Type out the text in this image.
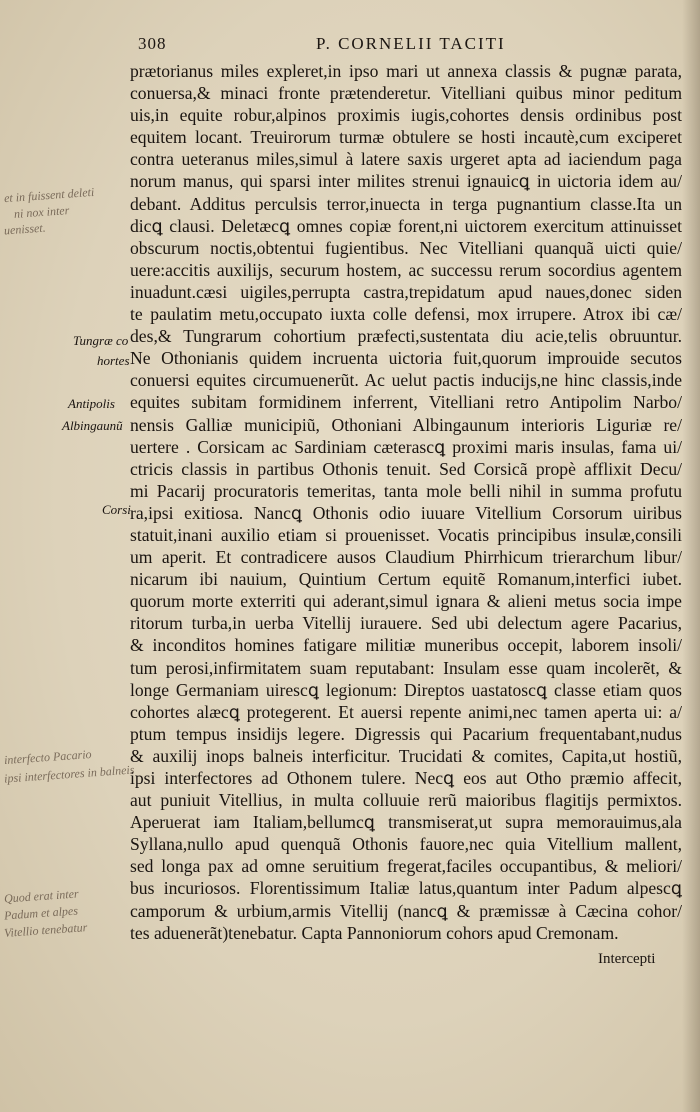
308	P. CORNELII TACITI
prætorianus miles expleret,in ipso mari ut annexa classis & pugnæ parata,
conuersa,& minaci fronte prætenderetur. Vitelliani quibus minor peditum
uis,in equite robur,alpinos proximis iugis,cohortes densis ordinibus post
equitem locant. Treuirorum turmæ obtulere se hosti incautè,cum exciperet
contra ueteranus miles,simul à latere saxis urgeret apta ad iaciendum paga
norum manus, qui sparsi inter milites strenui ignauicꝗ in uictoria idem au/
debant. Additus perculsis terror,inuecta in terga pugnantium classe.Ita un
dicꝗ clausi. Deletæcꝗ omnes copiæ forent,ni uictorem exercitum attinuisset
obscurum noctis,obtentui fugientibus. Nec Vitelliani quanquã uicti quie/
uere:accitis auxilijs, securum hostem, ac successu rerum socordius agentem
inuadunt.cæsi uigiles,perrupta castra,trepidatum apud naues,donec siden
te paulatim metu,occupato iuxta colle defensi, mox irrupere. Atrox ibi cæ/
des,& Tungrarum cohortium præfecti,sustentata diu acie,telis obruuntur.
Ne Othonianis quidem incruenta uictoria fuit,quorum improuide secutos
conuersi equites circumuenerũt. Ac uelut pactis inducijs,ne hinc classis,inde
equites subitam formidinem inferrent, Vitelliani retro Antipolim Narbo/
nensis Galliæ municipiũ, Othoniani Albingaunum interioris Liguriæ re/
uertere . Corsicam ac Sardiniam cæterascꝗ proximi maris insulas, fama ui/
ctricis classis in partibus Othonis tenuit. Sed Corsicã propè afflixit Decu/
mi Pacarij procuratoris temeritas, tanta mole belli nihil in summa profutu
ra,ipsi exitiosa. Nancꝗ Othonis odio iuuare Vitellium Corsorum uiribus
statuit,inani auxilio etiam si prouenisset. Vocatis principibus insulæ,consili
um aperit. Et contradicere ausos Claudium Phirrhicum trierarchum libur/
nicarum ibi nauium, Quintium Certum equitẽ Romanum,interfici iubet.
quorum morte exterriti qui aderant,simul ignara & alieni metus socia impe
ritorum turba,in uerba Vitellij iurauere. Sed ubi delectum agere Pacarius,
& inconditos homines fatigare militiæ muneribus occepit, laborem insoli/
tum perosi,infirmitatem suam reputabant: Insulam esse quam incolerẽt, &
longe Germaniam uirescꝗ legionum: Direptos uastatoscꝗ classe etiam quos
cohortes alæcꝗ protegerent. Et auersi repente animi,nec tamen aperta ui: a/
ptum tempus insidijs legere. Digressis qui Pacarium frequentabant,nudus
& auxilij inops balneis interficitur. Trucidati & comites, Capita,ut hostiũ,
ipsi interfectores ad Othonem tulere. Necꝗ eos aut Otho præmio affecit,
aut puniuit Vitellius, in multa colluuie rerũ maioribus flagitijs permixtos.
Aperuerat iam Italiam,bellumcꝗ transmiserat,ut supra memorauimus,ala
Syllana,nullo apud quenquã Othonis fauore,nec quia Vitellium mallent,
sed longa pax ad omne seruitium fregerat,faciles occupantibus, & meliori/
bus incuriosos. Florentissimum Italiæ latus,quantum inter Padum alpescꝗ
camporum & urbium,armis Vitellij (nancꝗ & præmissæ à Cæcina cohor/
tes aduenerãt)tenebatur. Capta Pannoniorum cohors apud Cremonam.
Intercepti
Tungræ co
hortes
Antipolis
Albingaunũ
Corsi
et in fuissent deleti
ni nox inter
uenisset.
interfecto Pacario
ipsi interfectores in balneis
Quod erat inter
Padum et alpes
Vitellio tenebatur
